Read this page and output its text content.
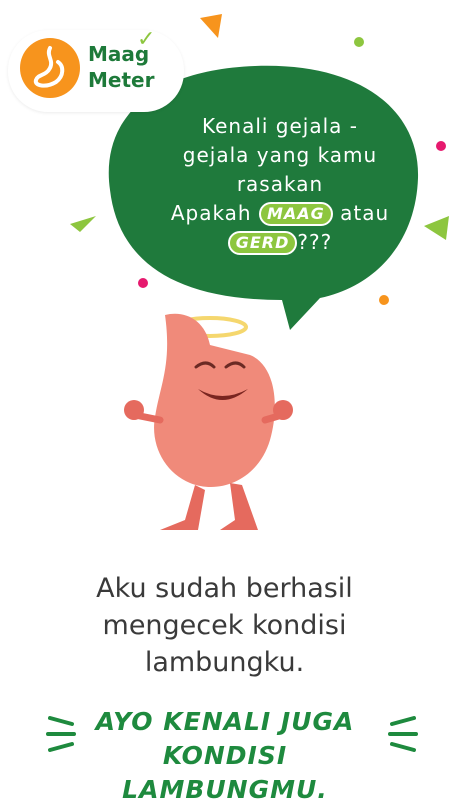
Maag
Meter
✓
Kenali gejala -
gejala yang kamu
rasakan
Apakah MAAG atau
GERD ???
Aku sudah berhasil
mengecek kondisi
lambungku.
AYO KENALI JUGA
KONDISI LAMBUNGMU.
